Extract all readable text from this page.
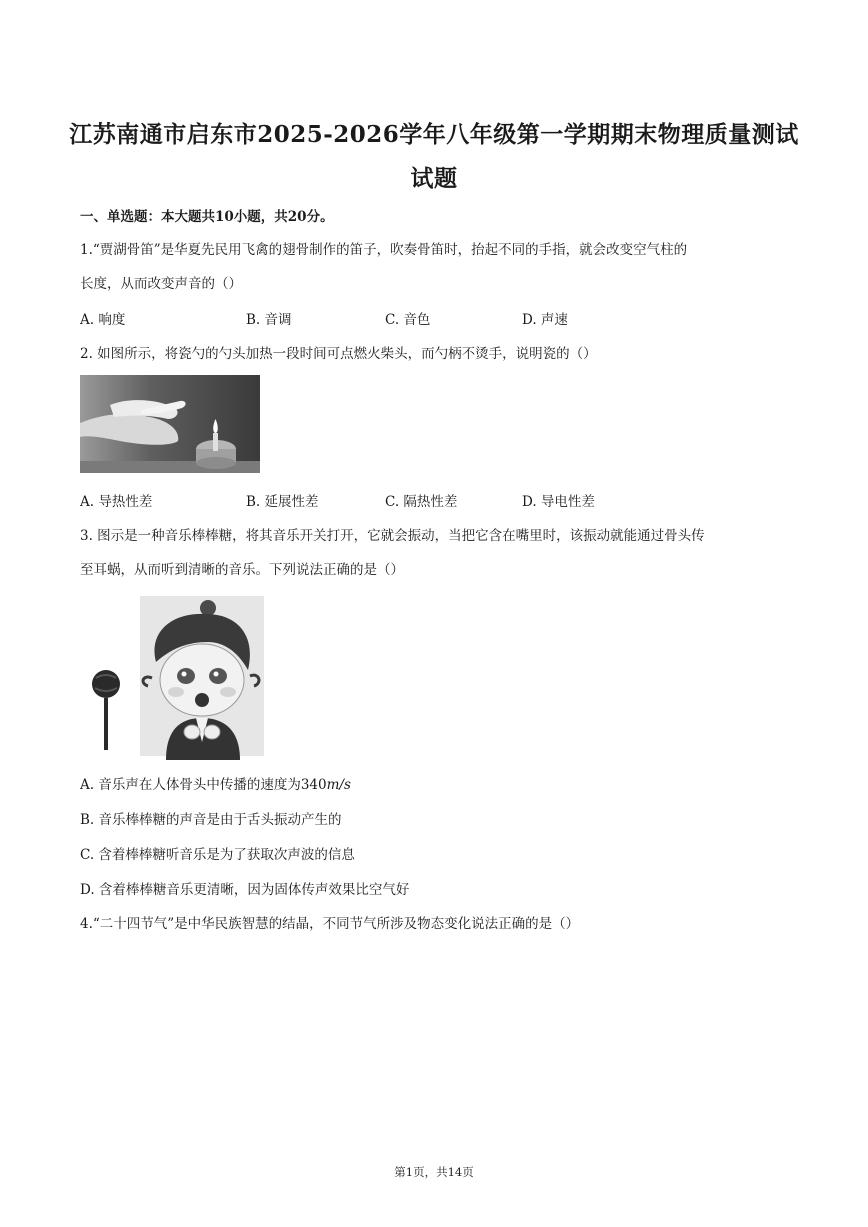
江苏南通市启东市2025-2026学年八年级第一学期期末物理质量测试
试题
一、单选题：本大题共10小题，共20分。
1.“贾湖骨笛”是华夏先民用飞禽的翅骨制作的笛子，吹奏骨笛时，抬起不同的手指，就会改变空气柱的
长度，从而改变声音的（）
A. 响度	B. 音调	C. 音色	D. 声速
2. 如图所示，将瓷勺的勺头加热一段时间可点燃火柴头，而勺柄不烫手，说明瓷的（）
A. 导热性差	B. 延展性差	C. 隔热性差	D. 导电性差
3. 图示是一种音乐棒棒糖，将其音乐开关打开，它就会振动，当把它含在嘴里时，该振动就能通过骨头传
至耳蜗，从而听到清晰的音乐。下列说法正确的是（）
A. 音乐声在人体骨头中传播的速度为340m/s
B. 音乐棒棒糖的声音是由于舌头振动产生的
C. 含着棒棒糖听音乐是为了获取次声波的信息
D. 含着棒棒糖音乐更清晰，因为固体传声效果比空气好
4.“二十四节气”是中华民族智慧的结晶，不同节气所涉及物态变化说法正确的是（）
第1页，共14页
